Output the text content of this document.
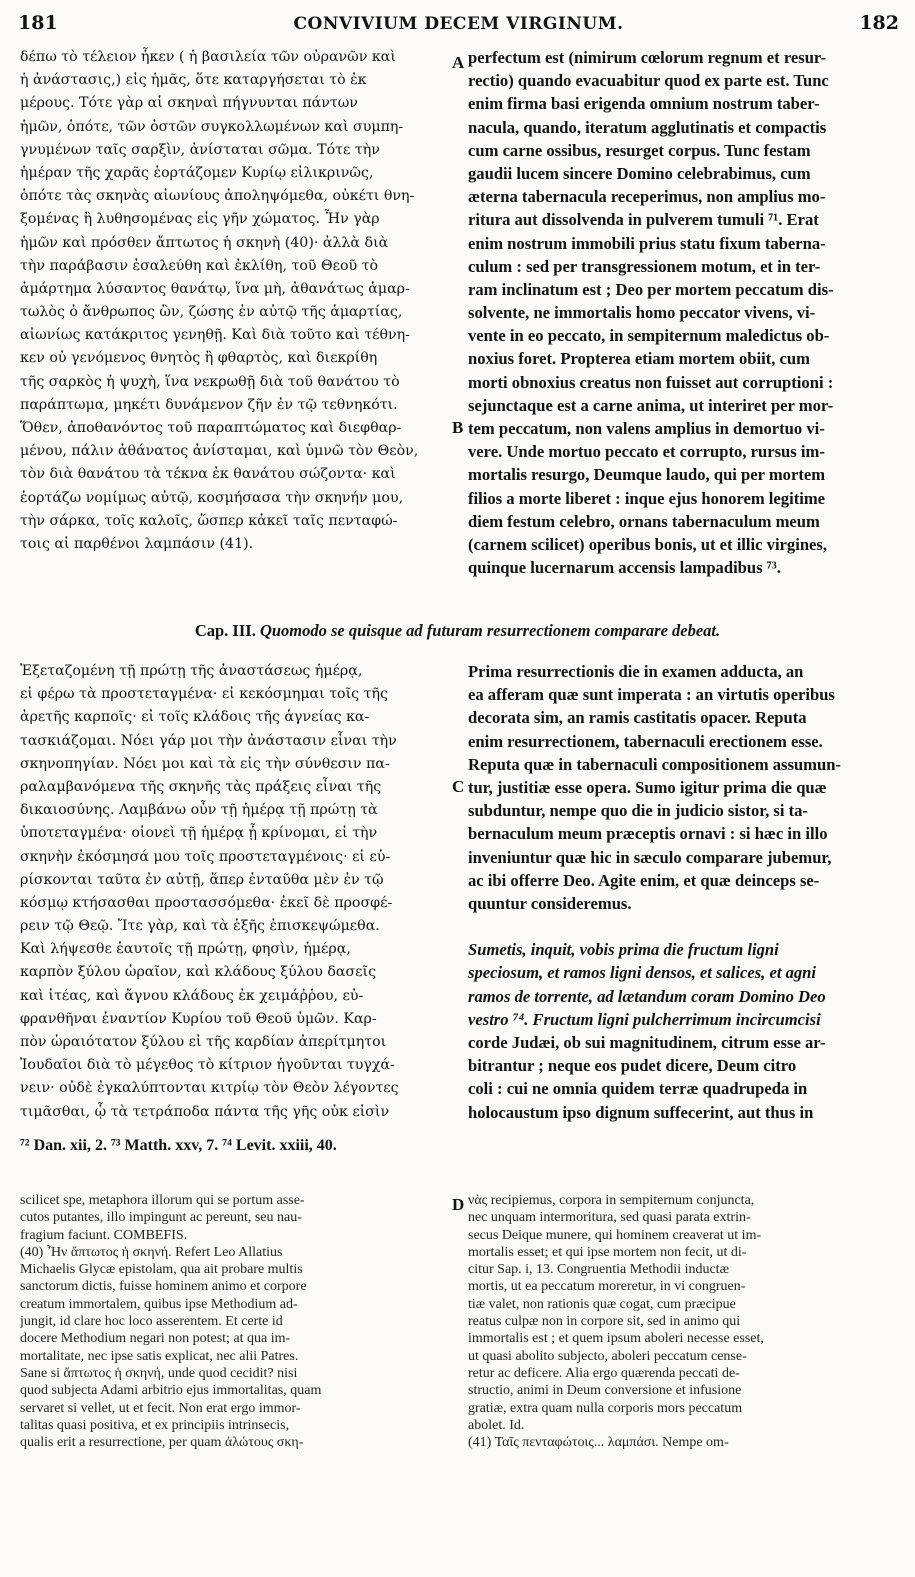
181	CONVIVIUM DECEM VIRGINUM.	182
δέπω τὸ τέλειον ἧκεν ( ἡ βασιλεία τῶν οὐρανῶν καὶ
ἡ ἀνάστασις,) εἰς ἡμᾶς, ὅτε καταργήσεται τὸ ἐκ
μέρους. Τότε γὰρ αἱ σκηναὶ πήγνυνται πάντων
ἡμῶν, ὁπότε, τῶν ὀστῶν συγκολλωμένων καὶ συμπη-
γνυμένων ταῖς σαρξὶν, ἀνίσταται σῶμα. Τότε τὴν
ἡμέραν τῆς χαρᾶς ἑορτάζομεν Κυρίῳ εἰλικρινῶς,
ὁπότε τὰς σκηνὰς αἰωνίους ἀποληψόμεθα, οὐκέτι θνη-
ξομένας ἢ λυθησομένας εἰς γῆν χώματος. Ἦν γὰρ
ἡμῶν καὶ πρόσθεν ἄπτωτος ἡ σκηνὴ (40)· ἀλλὰ διὰ
τὴν παράβασιν ἐσαλεύθη καὶ ἐκλίθη, τοῦ Θεοῦ τὸ
ἁμάρτημα λύσαντος θανάτῳ, ἵνα μὴ, ἀθανάτως ἁμαρ-
τωλὸς ὁ ἄνθρωπος ὢν, ζώσης ἐν αὐτῷ τῆς ἁμαρτίας,
αἰωνίως κατάκριτος γενηθῇ. Καὶ διὰ τοῦτο καὶ τέθνη-
κεν οὐ γενόμενος θνητὸς ἢ φθαρτὸς, καὶ διεκρίθη
τῆς σαρκὸς ἡ ψυχὴ, ἵνα νεκρωθῇ διὰ τοῦ θανάτου τὸ
παράπτωμα, μηκέτι δυνάμενον ζῆν ἐν τῷ τεθνηκότι.
Ὅθεν, ἀποθανόντος τοῦ παραπτώματος καὶ διεφθαρ-
μένου, πάλιν ἀθάνατος ἀνίσταμαι, καὶ ὑμνῶ τὸν Θεὸν,
τὸν διὰ θανάτου τὰ τέκνα ἐκ θανάτου σώζοντα· καὶ
ἑορτάζω νομίμως αὐτῷ, κοσμήσασα τὴν σκηνήν μου,
τὴν σάρκα, τοῖς καλοῖς, ὥσπερ κἀκεῖ ταῖς πενταφώ-
τοις αἱ παρθένοι λαμπάσιν (41).
perfectum est (nimirum cœlorum regnum et resur-
rectio) quando evacuabitur quod ex parte est. Tunc
enim firma basi erigenda omnium nostrum taber-
nacula, quando, iteratum agglutinatis et compactis
cum carne ossibus, resurget corpus. Tunc festam
gaudii lucem sincere Domino celebrabimus, cum
æterna tabernacula receperimus, non amplius mo-
ritura aut dissolvenda in pulverem tumuli ⁷¹. Erat
enim nostrum immobili prius statu fixum taberna-
culum : sed per transgressionem motum, et in ter-
ram inclinatum est ; Deo per mortem peccatum dis-
solvente, ne immortalis homo peccator vivens, vi-
vente in eo peccato, in sempiternum maledictus ob-
noxius foret. Propterea etiam mortem obiit, cum
morti obnoxius creatus non fuisset aut corruptioni :
sejunctaque est a carne anima, ut interiret per mor-
tem peccatum, non valens amplius in demortuo vi-
vere. Unde mortuo peccato et corrupto, rursus im-
mortalis resurgo, Deumque laudo, qui per mortem
filios a morte liberet : inque ejus honorem legitime
diem festum celebro, ornans tabernaculum meum
(carnem scilicet) operibus bonis, ut et illic virgines,
quinque lucernarum accensis lampadibus ⁷³.
A
B
Cap. III. Quomodo se quisque ad futuram resurrectionem comparare debeat.
Ἐξεταζομένη τῇ πρώτῃ τῆς ἀναστάσεως ἡμέρᾳ,
εἰ φέρω τὰ προστεταγμένα· εἰ κεκόσμημαι τοῖς τῆς
ἀρετῆς καρποῖς· εἰ τοῖς κλάδοις τῆς ἁγνείας κα-
τασκιάζομαι. Νόει γάρ μοι τὴν ἀνάστασιν εἶναι τὴν
σκηνοπηγίαν. Νόει μοι καὶ τὰ εἰς τὴν σύνθεσιν πα-
ραλαμβανόμενα τῆς σκηνῆς τὰς πράξεις εἶναι τῆς
δικαιοσύνης. Λαμβάνω οὖν τῇ ἡμέρᾳ τῇ πρώτῃ τὰ
ὑποτεταγμένα· οἱονεὶ τῇ ἡμέρᾳ ᾗ κρίνομαι, εἰ τὴν
σκηνὴν ἐκόσμησά μου τοῖς προστεταγμένοις· εἰ εὑ-
ρίσκονται ταῦτα ἐν αὐτῇ, ἅπερ ἐνταῦθα μὲν ἐν τῷ
κόσμῳ κτήσασθαι προστασσόμεθα· ἐκεῖ δὲ προσφέ-
ρειν τῷ Θεῷ. Ἴτε γὰρ, καὶ τὰ ἑξῆς ἐπισκεψώμεθα.
Καὶ λήψεσθε ἑαυτοῖς τῇ πρώτῃ, φησὶν, ἡμέρᾳ,
καρπὸν ξύλου ὡραῖον, καὶ κλάδους ξύλου δασεῖς
καὶ ἰτέας, καὶ ἄγνου κλάδους ἐκ χειμάῤῥου, εὐ-
φρανθῆναι ἐναντίον Κυρίου τοῦ Θεοῦ ὑμῶν. Καρ-
πὸν ὡραιότατον ξύλου εἰ τῆς καρδίαν ἀπερίτμητοι
Ἰουδαῖοι διὰ τὸ μέγεθος τὸ κίτριον ἡγοῦνται τυγχά-
νειν· οὐδὲ ἐγκαλύπτονται κιτρίῳ τὸν Θεὸν λέγοντες
τιμᾶσθαι, ᾧ τὰ τετράποδα πάντα τῆς γῆς οὐκ εἰσὶν
Prima resurrectionis die in examen adducta, an
ea afferam quæ sunt imperata : an virtutis operibus
decorata sim, an ramis castitatis opacer. Reputa
enim resurrectionem, tabernaculi erectionem esse.
Reputa quæ in tabernaculi compositionem assumun-
tur, justitiæ esse opera. Sumo igitur prima die quæ
subduntur, nempe quo die in judicio sistor, si ta-
bernaculum meum præceptis ornavi : si hæc in illo
inveniuntur quæ hic in sæculo comparare jubemur,
ac ibi offerre Deo. Agite enim, et quæ deinceps se-
quuntur consideremus.

Sumetis, inquit, vobis prima die fructum ligni
speciosum, et ramos ligni densos, et salices, et agni
ramos de torrente, ad lætandum coram Domino Deo
vestro ⁷⁴. Fructum ligni pulcherrimum incircumcisi
corde Judæi, ob sui magnitudinem, citrum esse ar-
bitrantur ; neque eos pudet dicere, Deum citro
coli : cui ne omnia quidem terræ quadrupeda in
holocaustum ipso dignum suffecerint, aut thus in
C
⁷² Dan. xii, 2. ⁷³ Matth. xxv, 7. ⁷⁴ Levit. xxiii, 40.
scilicet spe, metaphora illorum qui se portum asse-
cutos putantes, illo impingunt ac pereunt, seu nau-
fragium faciunt. COMBEFIS.
(40) Ἦν ἄπτωτος ἡ σκηνή. Refert Leo Allatius
Michaelis Glycæ epistolam, qua ait probare multis
sanctorum dictis, fuisse hominem animo et corpore
creatum immortalem, quibus ipse Methodium ad-
jungit, id clare hoc loco asserentem. Et certe id
docere Methodium negari non potest; at qua im-
mortalitate, nec ipse satis explicat, nec alii Patres.
Sane si ἄπτωτος ἡ σκηνή, unde quod cecidit? nisi
quod subjecta Adami arbitrio ejus immortalitas, quam
servaret si vellet, ut et fecit. Non erat ergo immor-
talitas quasi positiva, et ex principiis intrinsecis,
qualis erit a resurrectione, per quam ἀλώτους σκη-
νὰς recipiemus, corpora in sempiternum conjuncta,
nec unquam intermoritura, sed quasi parata extrin-
secus Deique munere, qui hominem creaverat ut im-
mortalis esset; et qui ipse mortem non fecit, ut di-
citur Sap. i, 13. Congruentia Methodii inductæ
mortis, ut ea peccatum moreretur, in vi congruen-
tiæ valet, non rationis quæ cogat, cum præcipue
reatus culpæ non in corpore sit, sed in animo qui
immortalis est ; et quem ipsum aboleri necesse esset,
ut quasi abolito subjecto, aboleri peccatum cense-
retur ac deficere. Alia ergo quærenda peccati de-
structio, animi in Deum conversione et infusione
gratiæ, extra quam nulla corporis mors peccatum
abolet. Id.
(41) Ταῖς πενταφώτοις... λαμπάσι. Nempe om-
D
